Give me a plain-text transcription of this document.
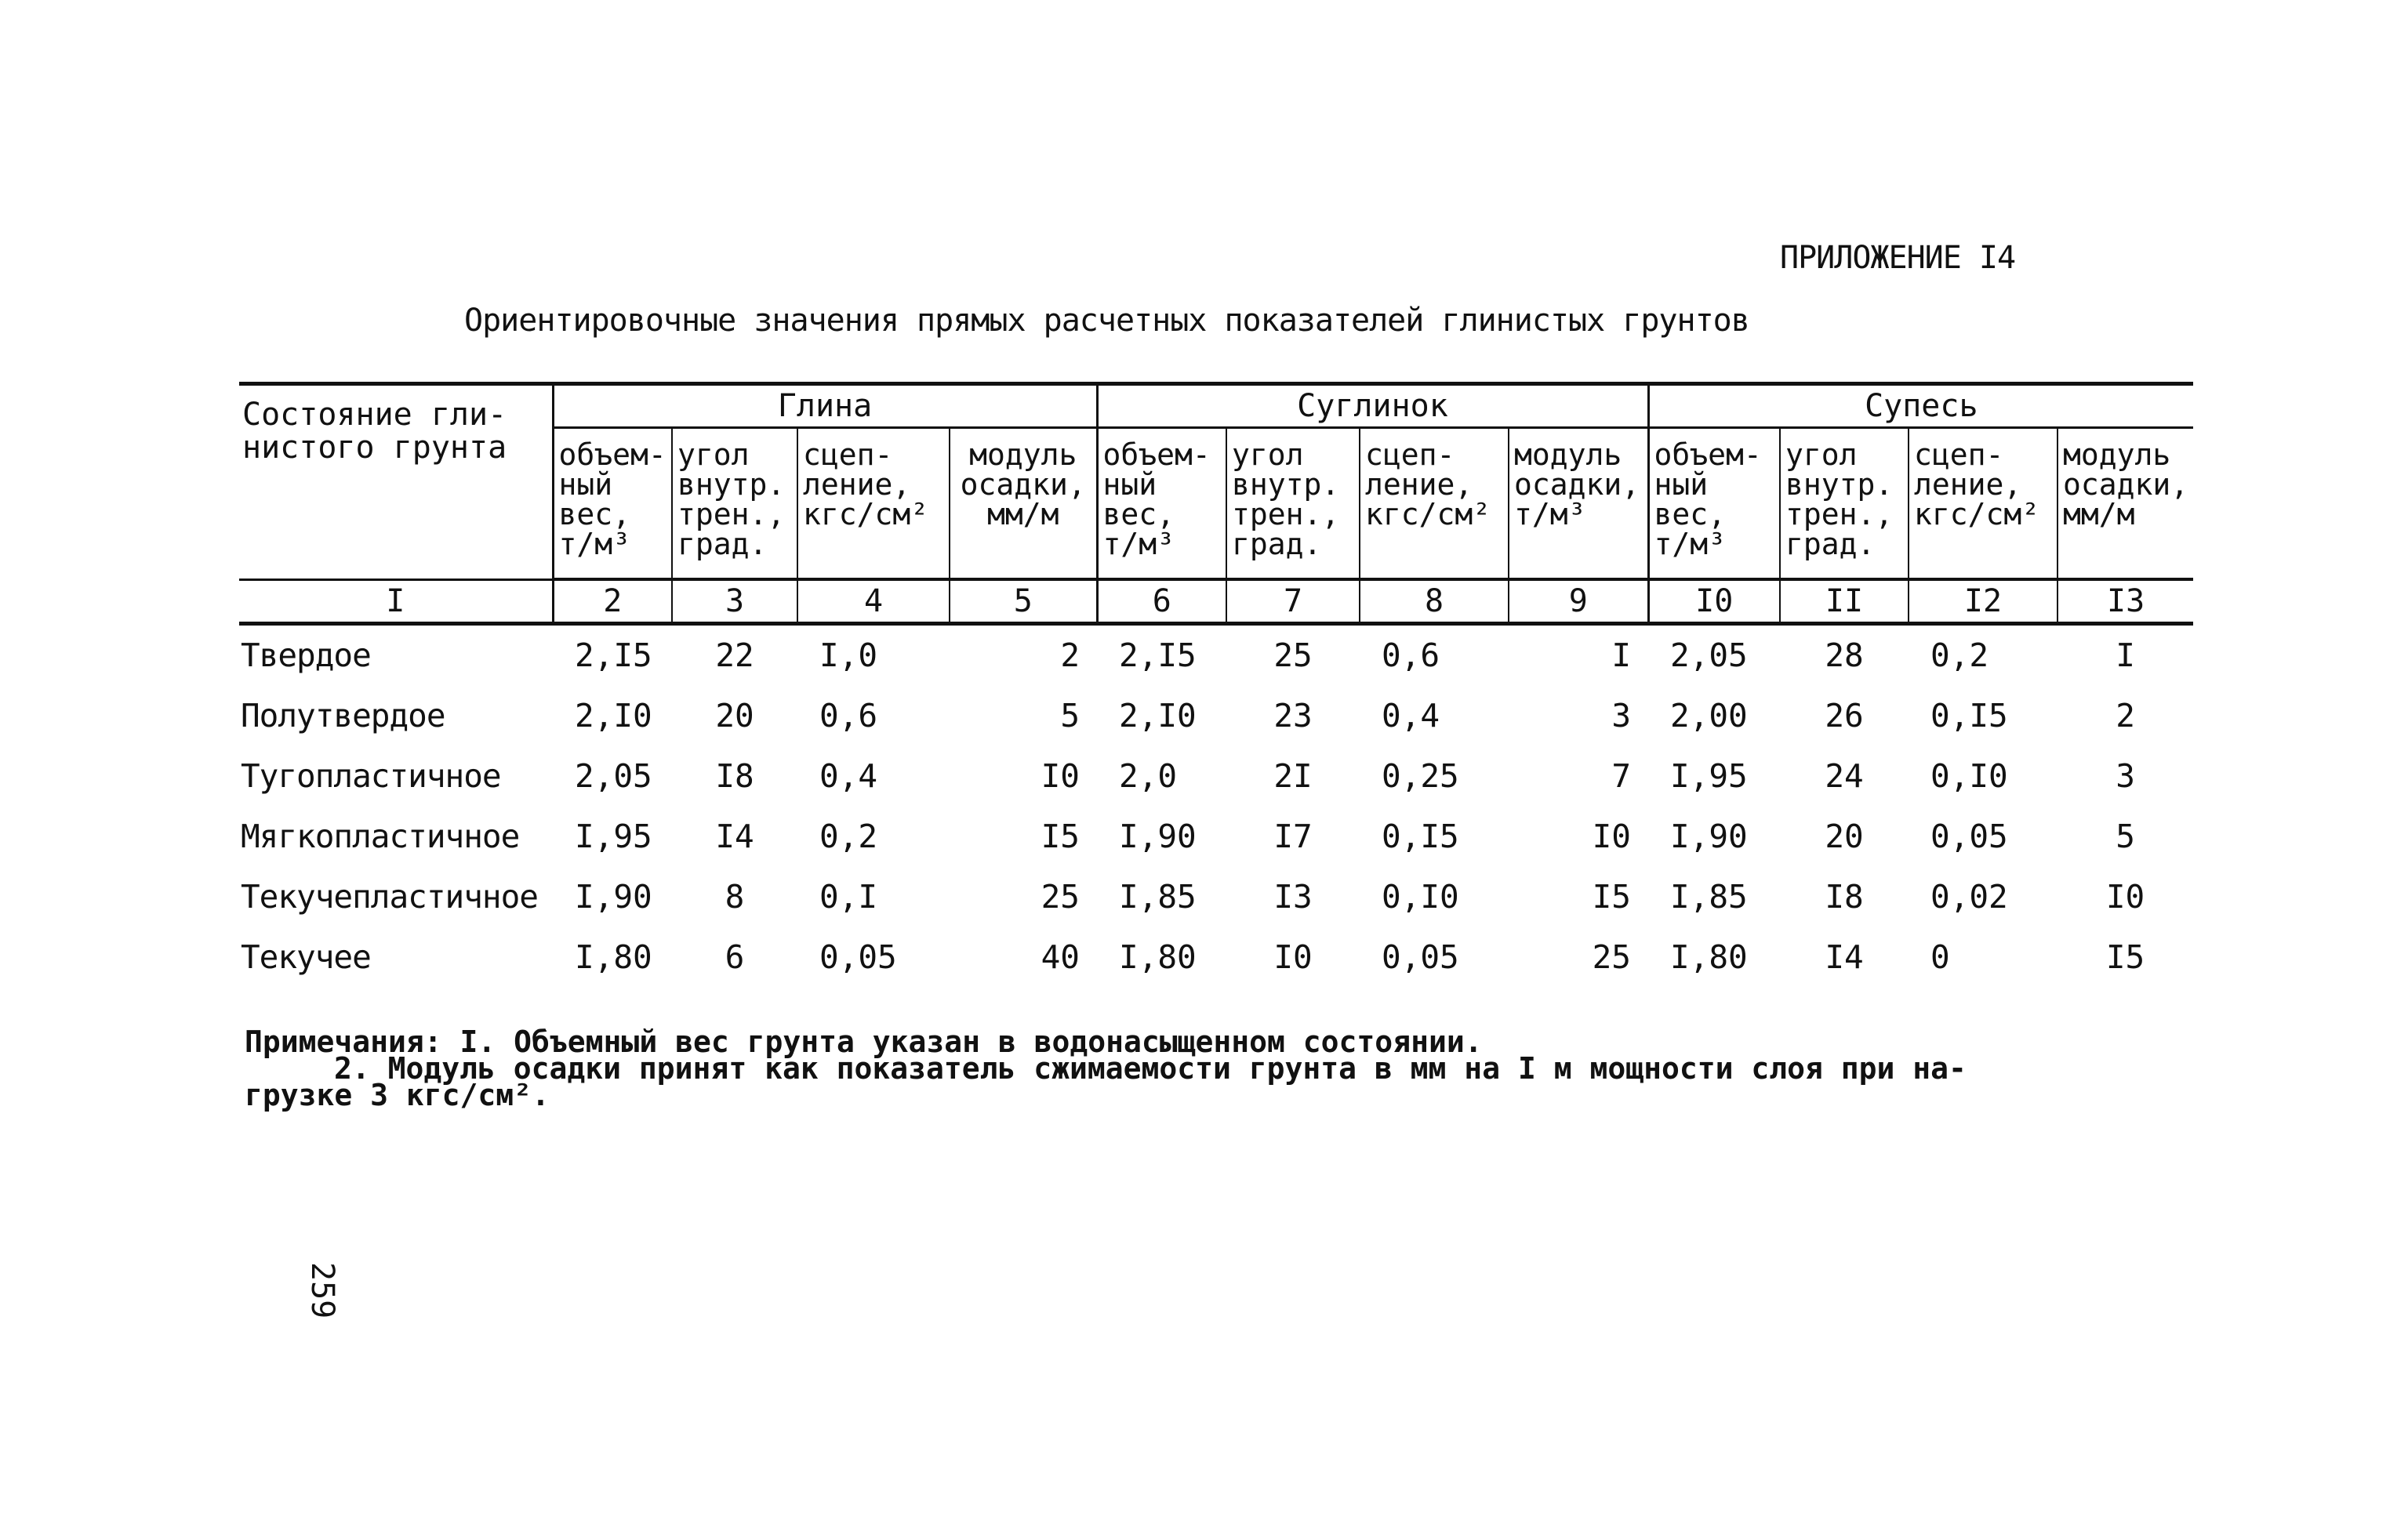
ПРИЛОЖЕНИЕ I4
Ориентировочные значения прямых расчетных показателей глинистых грунтов
Состояние гли- нистого грунта	Глина				Суглинок				Супесь			
	объем- ный вес, т/м³	угол внутр. трен., град.	сцеп- ление, кгс/см²	модуль осадки, мм/м	объем- ный вес, т/м³	угол внутр. трен., град.	сцеп- ление, кгс/см²	модуль осадки, т/м³	объем- ный вес, т/м³	угол внутр. трен., град.	сцеп- ление, кгс/см²	модуль осадки, мм/м
I	2	3	4	5	6	7	8	9	I0	II	I2	I3
Твердое	2,I5	22	I,0	2	2,I5	25	0,6	I	2,05	28	0,2	I
Полутвердое	2,I0	20	0,6	5	2,I0	23	0,4	3	2,00	26	0,I5	2
Тугопластичное	2,05	I8	0,4	I0	2,0	2I	0,25	7	I,95	24	0,I0	3
Мягкопластичное	I,95	I4	0,2	I5	I,90	I7	0,I5	I0	I,90	20	0,05	5
Текучепластичное	I,90	8	0,I	25	I,85	I3	0,I0	I5	I,85	I8	0,02	I0
Текучее	I,80	6	0,05	40	I,80	I0	0,05	25	I,80	I4	0	I5
Примечания: I. Объемный вес грунта указан в водонасыщенном состоянии.
2. Модуль осадки принят как показатель сжимаемости грунта в мм на I м мощности слоя при на-
грузке 3 кгс/см².
259
